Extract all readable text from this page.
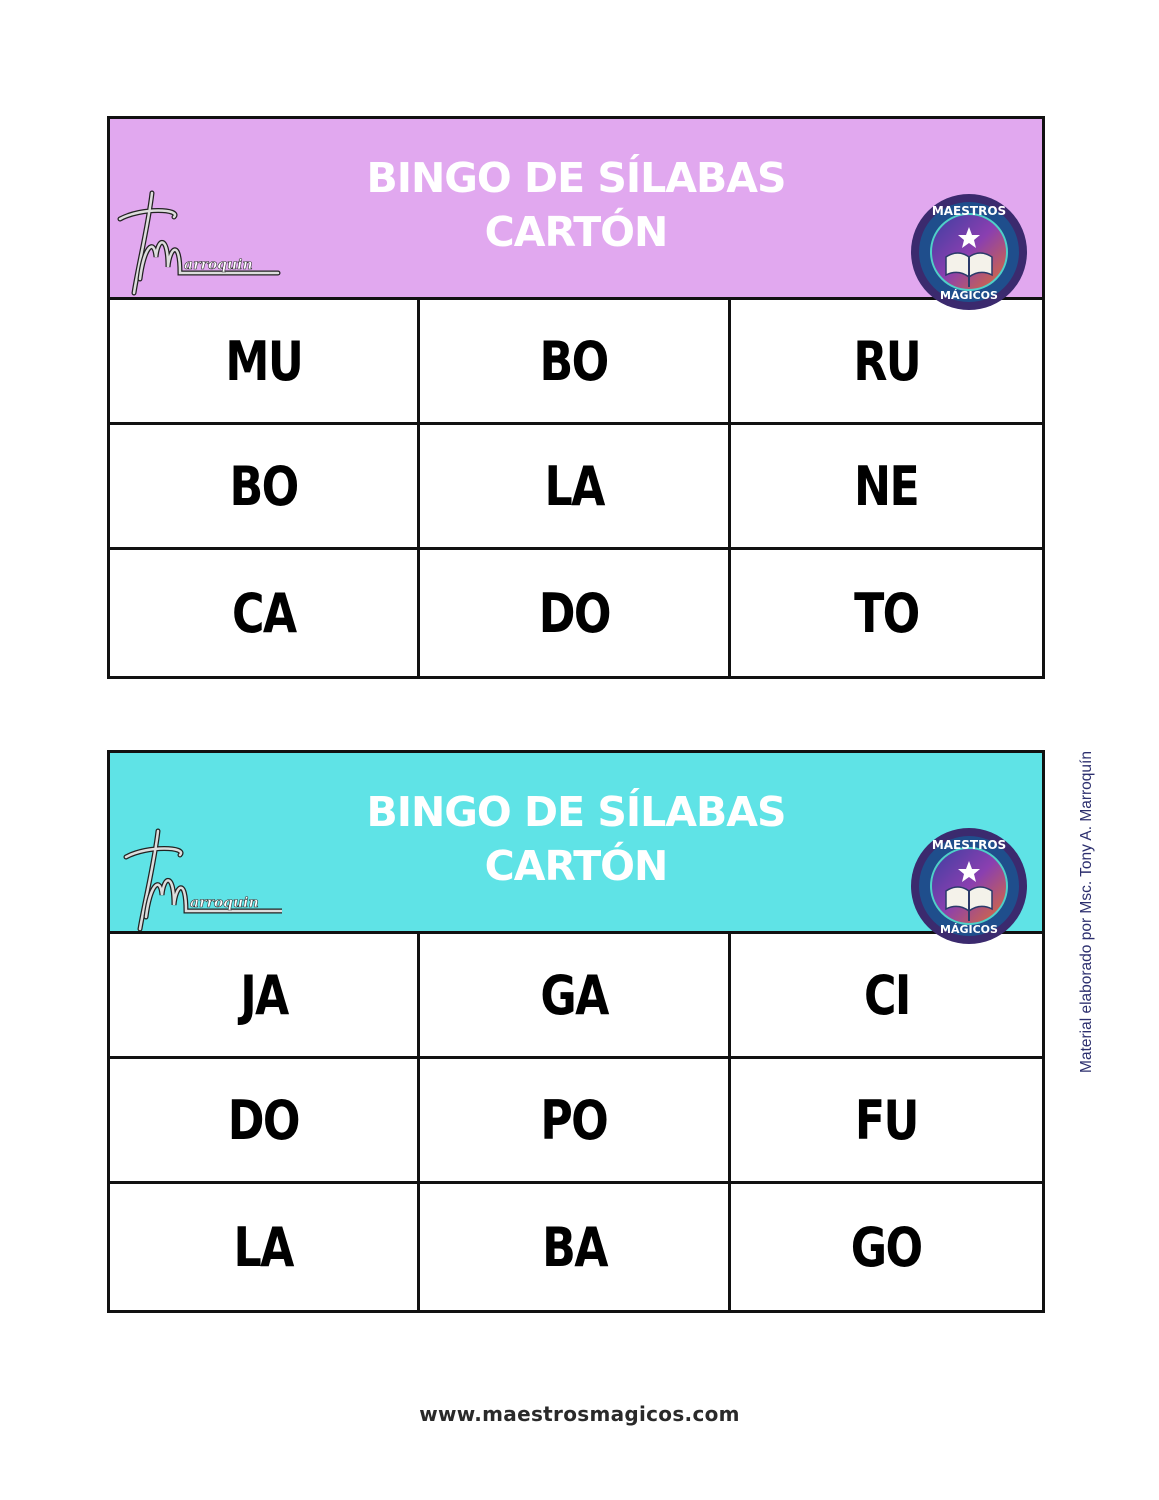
arroquin
BINGO DE SÍLABAS
CARTÓN	MAESTROS
MÁGICOS
MU	BO	RU
BO	LA	NE
CA	DO	TO
arroquin
BINGO DE SÍLABAS
CARTÓN	MAESTROS
MÁGICOS
JA	GA	CI
DO	PO	FU
LA	BA	GO
Material elaborado por Msc. Tony A. Marroquín
www.maestrosmagicos.com
